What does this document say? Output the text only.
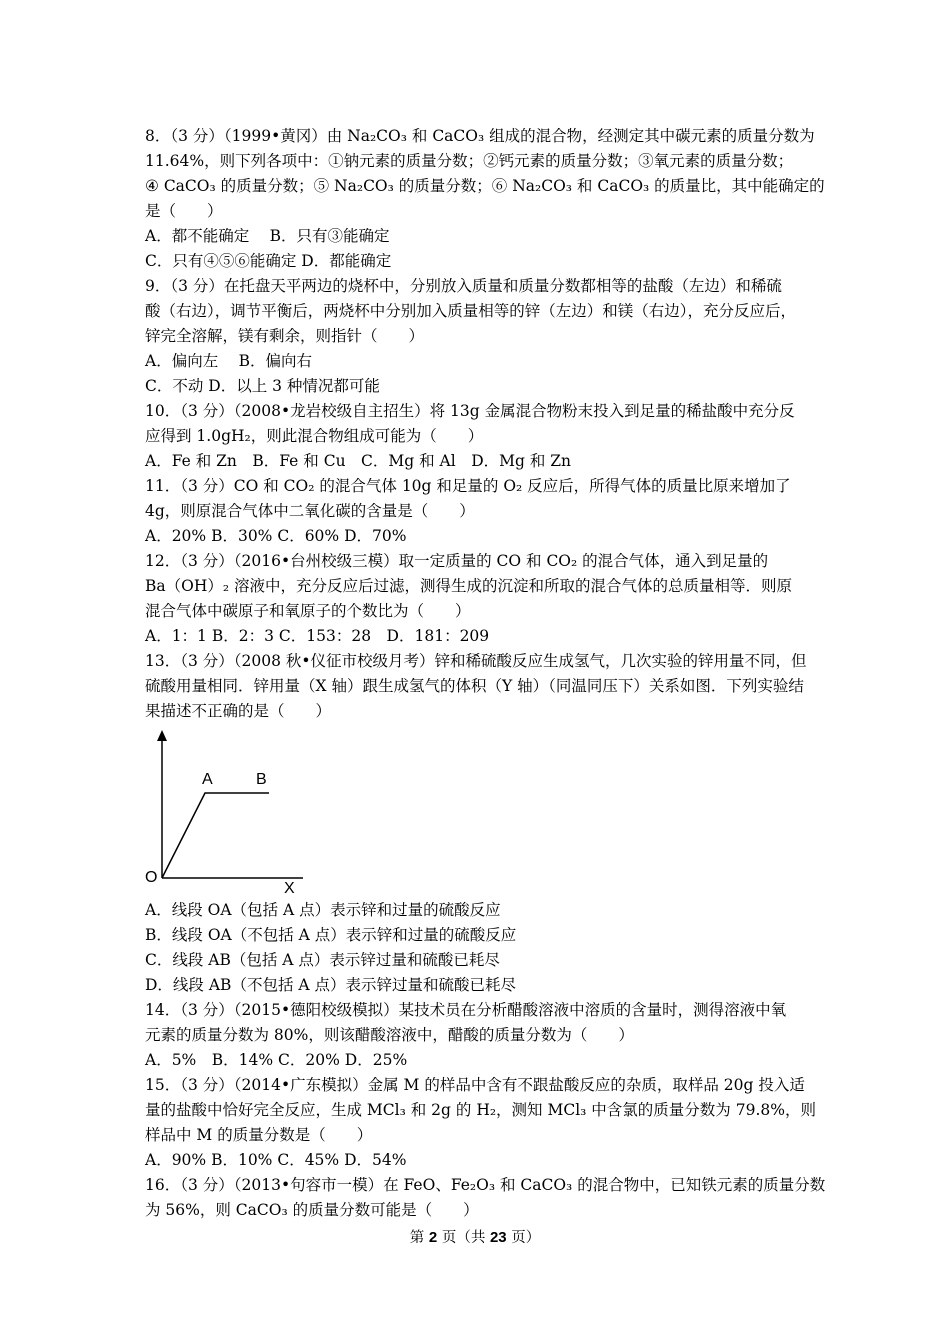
8．（3 分）（1999•黄冈）由 Na₂CO₃ 和 CaCO₃ 组成的混合物，经测定其中碳元素的质量分数为
11.64%，则下列各项中：①钠元素的质量分数；②钙元素的质量分数；③氧元素的质量分数；
④ CaCO₃ 的质量分数；⑤ Na₂CO₃ 的质量分数；⑥ Na₂CO₃ 和 CaCO₃ 的质量比，其中能确定的
是（　　）
A．都不能确定　 B．只有③能确定
C．只有④⑤⑥能确定 D．都能确定
9．（3 分）在托盘天平两边的烧杯中，分别放入质量和质量分数都相等的盐酸（左边）和稀硫
酸（右边），调节平衡后，两烧杯中分别加入质量相等的锌（左边）和镁（右边），充分反应后，
锌完全溶解，镁有剩余，则指针（　　）
A．偏向左　 B．偏向右
C．不动 D．以上 3 种情况都可能
10．（3 分）（2008•龙岩校级自主招生）将 13g 金属混合物粉末投入到足量的稀盐酸中充分反
应得到 1.0gH₂，则此混合物组成可能为（　　）
A．Fe 和 Zn　B．Fe 和 Cu　C．Mg 和 Al　D．Mg 和 Zn
11．（3 分）CO 和 CO₂ 的混合气体 10g 和足量的 O₂ 反应后，所得气体的质量比原来增加了
4g，则原混合气体中二氧化碳的含量是（　　）
A．20% B．30% C．60% D．70%
12．（3 分）（2016•台州校级三模）取一定质量的 CO 和 CO₂ 的混合气体，通入到足量的
Ba（OH）₂ 溶液中，充分反应后过滤，测得生成的沉淀和所取的混合气体的总质量相等．则原
混合气体中碳原子和氧原子的个数比为（　　）
A．1：1 B．2：3 C．153：28　D．181：209
13．（3 分）（2008 秋•仪征市校级月考）锌和稀硫酸反应生成氢气，几次实验的锌用量不同，但
硫酸用量相同．锌用量（X 轴）跟生成氢气的体积（Y 轴）（同温同压下）关系如图．下列实验结
果描述不正确的是（　　）
A	B
O
X
A．线段 OA（包括 A 点）表示锌和过量的硫酸反应
B．线段 OA（不包括 A 点）表示锌和过量的硫酸反应
C．线段 AB（包括 A 点）表示锌过量和硫酸已耗尽
D．线段 AB（不包括 A 点）表示锌过量和硫酸已耗尽
14．（3 分）（2015•德阳校级模拟）某技术员在分析醋酸溶液中溶质的含量时，测得溶液中氧
元素的质量分数为 80%，则该醋酸溶液中，醋酸的质量分数为（　　）
A．5%　B．14% C．20% D．25%
15．（3 分）（2014•广东模拟）金属 M 的样品中含有不跟盐酸反应的杂质，取样品 20g 投入适
量的盐酸中恰好完全反应，生成 MCl₃ 和 2g 的 H₂，测知 MCl₃ 中含氯的质量分数为 79.8%，则
样品中 M 的质量分数是（　　）
A．90% B．10% C．45% D．54%
16．（3 分）（2013•句容市一模）在 FeO、Fe₂O₃ 和 CaCO₃ 的混合物中，已知铁元素的质量分数
为 56%，则 CaCO₃ 的质量分数可能是（　　）
第 2 页（共 23 页）
